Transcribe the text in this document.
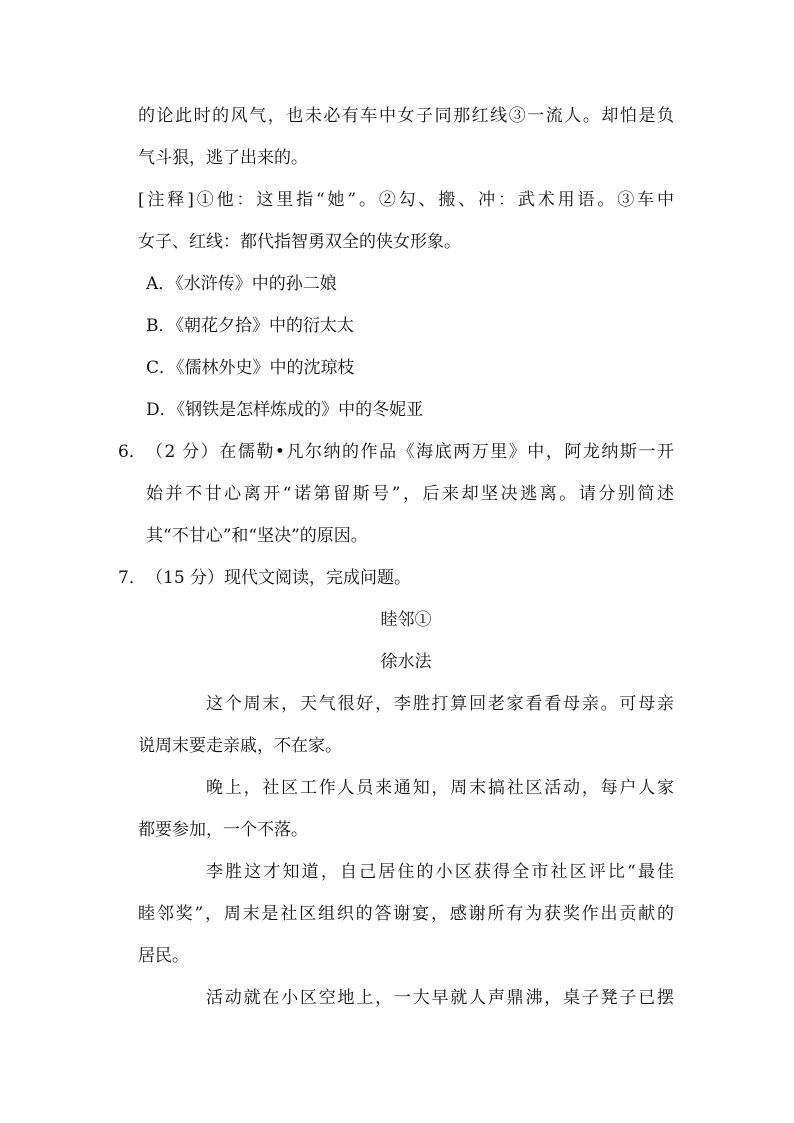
的论此时的风气，也未必有车中女子同那红线③一流人。却怕是负
气斗狠，逃了出来的。
[注释]①他：这里指“她”。②勾、搬、冲：武术用语。③车中
女子、红线：都代指智勇双全的侠女形象。
A．《水浒传》中的孙二娘
B．《朝花夕拾》中的衍太太
C．《儒林外史》中的沈琼枝
D．《钢铁是怎样炼成的》中的冬妮亚
6． （2 分）在儒勒•凡尔纳的作品《海底两万里》中，阿龙纳斯一开
始并不甘心离开“诺第留斯号”，后来却坚决逃离。请分别简述
其“不甘心”和“坚决”的原因。
7． （15 分）现代文阅读，完成问题。
睦邻①
徐水法
这个周末，天气很好，李胜打算回老家看看母亲。可母亲
说周末要走亲戚，不在家。
晚上，社区工作人员来通知，周末搞社区活动，每户人家
都要参加，一个不落。
李胜这才知道，自己居住的小区获得全市社区评比“最佳
睦邻奖”，周末是社区组织的答谢宴，感谢所有为获奖作出贡献的
居民。
活动就在小区空地上，一大早就人声鼎沸，桌子凳子已摆
